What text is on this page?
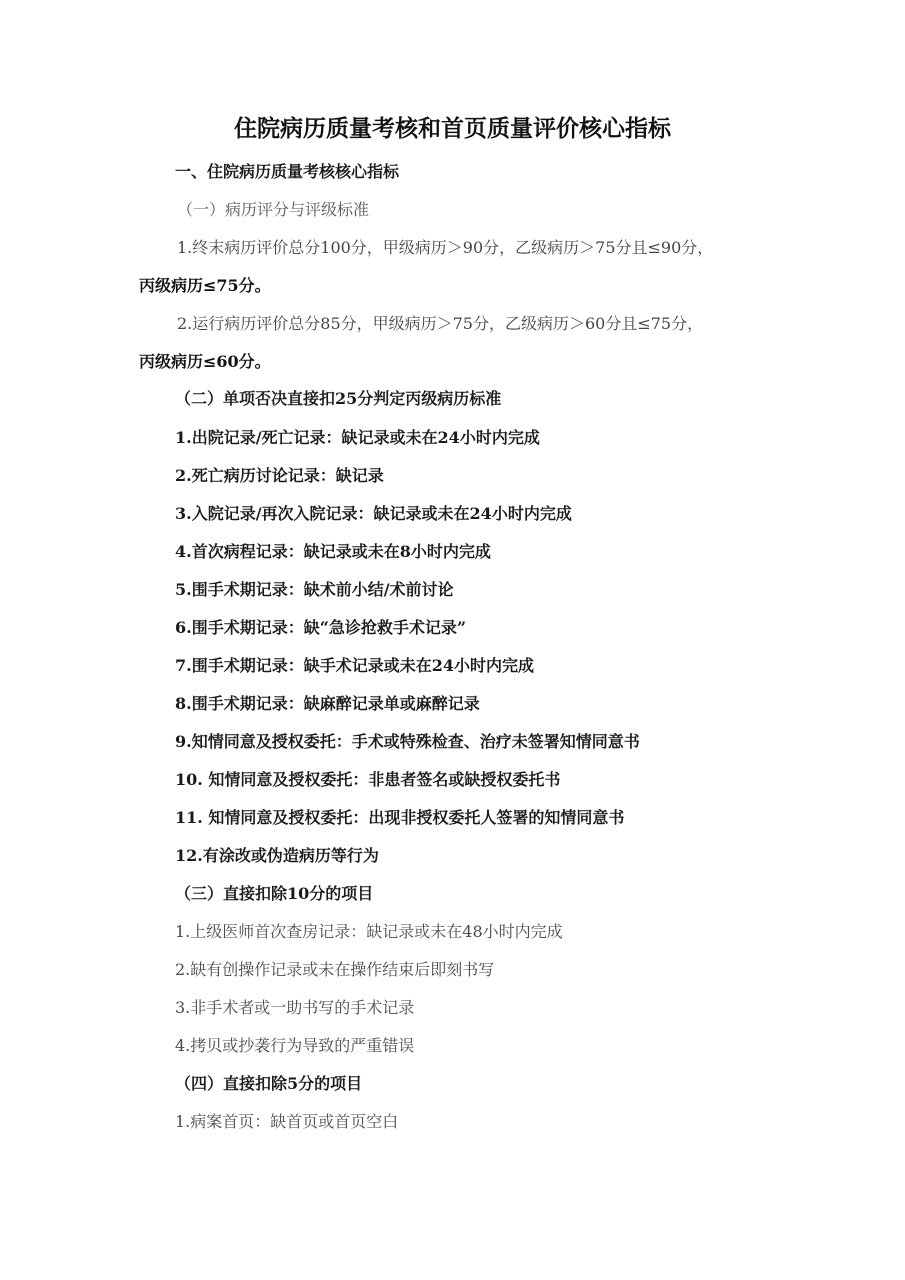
住院病历质量考核和首页质量评价核心指标
一、住院病历质量考核核心指标
（一）病历评分与评级标准
1.终末病历评价总分100分，甲级病历＞90分，乙级病历＞75分且≤90分，
丙级病历≤75分。
2.运行病历评价总分85分，甲级病历＞75分，乙级病历＞60分且≤75分，
丙级病历≤60分。
（二）单项否决直接扣25分判定丙级病历标准
1.出院记录/死亡记录：缺记录或未在24小时内完成
2.死亡病历讨论记录：缺记录
3.入院记录/再次入院记录：缺记录或未在24小时内完成
4.首次病程记录：缺记录或未在8小时内完成
5.围手术期记录：缺术前小结/术前讨论
6.围手术期记录：缺“急诊抢救手术记录”
7.围手术期记录：缺手术记录或未在24小时内完成
8.围手术期记录：缺麻醉记录单或麻醉记录
9.知情同意及授权委托：手术或特殊检查、治疗未签署知情同意书
10. 知情同意及授权委托：非患者签名或缺授权委托书
11. 知情同意及授权委托：出现非授权委托人签署的知情同意书
12.有涂改或伪造病历等行为
（三）直接扣除10分的项目
1.上级医师首次查房记录：缺记录或未在48小时内完成
2.缺有创操作记录或未在操作结束后即刻书写
3.非手术者或一助书写的手术记录
4.拷贝或抄袭行为导致的严重错误
（四）直接扣除5分的项目
1.病案首页：缺首页或首页空白
